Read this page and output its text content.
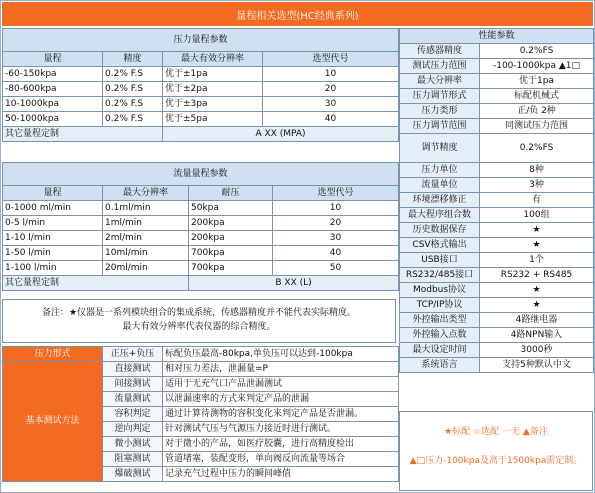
量程相关选型(HC经典系列)
压力量程参数			
量程	精度	最大有效分辨率	选型代号
-60-150kpa	0.2% F.S	优于±1pa	10
-80-600kpa	0.2% F.S	优于±2pa	20
10-1000kpa	0.2% F.S	优于±3pa	30
50-1000kpa	0.2% F.S	优于±5pa	40
其它量程定制		A XX (MPA)	
流量量程参数			
量程	最大分辨率	耐压	选型代号
0-1000 ml/min	0.1ml/min	50kpa	10
0-5 l/min	1ml/min	200kpa	20
1-10 l/min	2ml/min	200kpa	30
1-50 l/min	10ml/min	700kpa	40
1-100 l/min	20ml/min	700kpa	50
其它量程定制		B XX (L)	
备注：★仪器是一系列模块组合的集成系统，传感器精度并不能代表实际精度。
最大有效分辨率代表仪器的综合精度。
压力形式	正压+负压	标配负压最高-80kpa,单负压可以达到-100kpa
基本测试方法	直接测试	相对压力差法，泄漏量=P
	间接测试	适用于无充气口产品泄漏测试
	流量测试	以泄漏速率的方式来判定产品的泄漏
	容积判定	通过计算待测物的容积变化来判定产品是否泄漏。
	逆向判定	针对测试气压与气源压力接近时进行测试。
	微小测试	对于微小的产品，如医疗胶囊，进行高精度检出
	阻塞测试	管道堵塞，装配变形，单向阀反向流量等场合
	爆破测试	记录充气过程中压力的瞬间峰值
性能参数	
传感器精度	0.2%FS
测试压力范围	-100-1000kpa ▲1□
最大分辨率	优于1pa
压力调节形式	标配机械式
压力类形	正/负 2种
压力调节范围	同测试压力范围
调节精度	0.2%FS
压力单位	8种
流量单位	3种
环境漂移修正	有
最大程序组合数	100组
历史数据保存	★
CSV格式输出	★
USB接口	1个
RS232/485接口	RS232 + RS485
Modbus协议	★
TCP/IP协议	★
外控输出类型	4路继电器
外控输入点数	4路NPN输入
最大设定时间	3000秒
系统语言	支持5种默认中文
★标配 ☆选配 一无 ▲备注
▲□压力-100kpa及高于1500kpa需定制。
